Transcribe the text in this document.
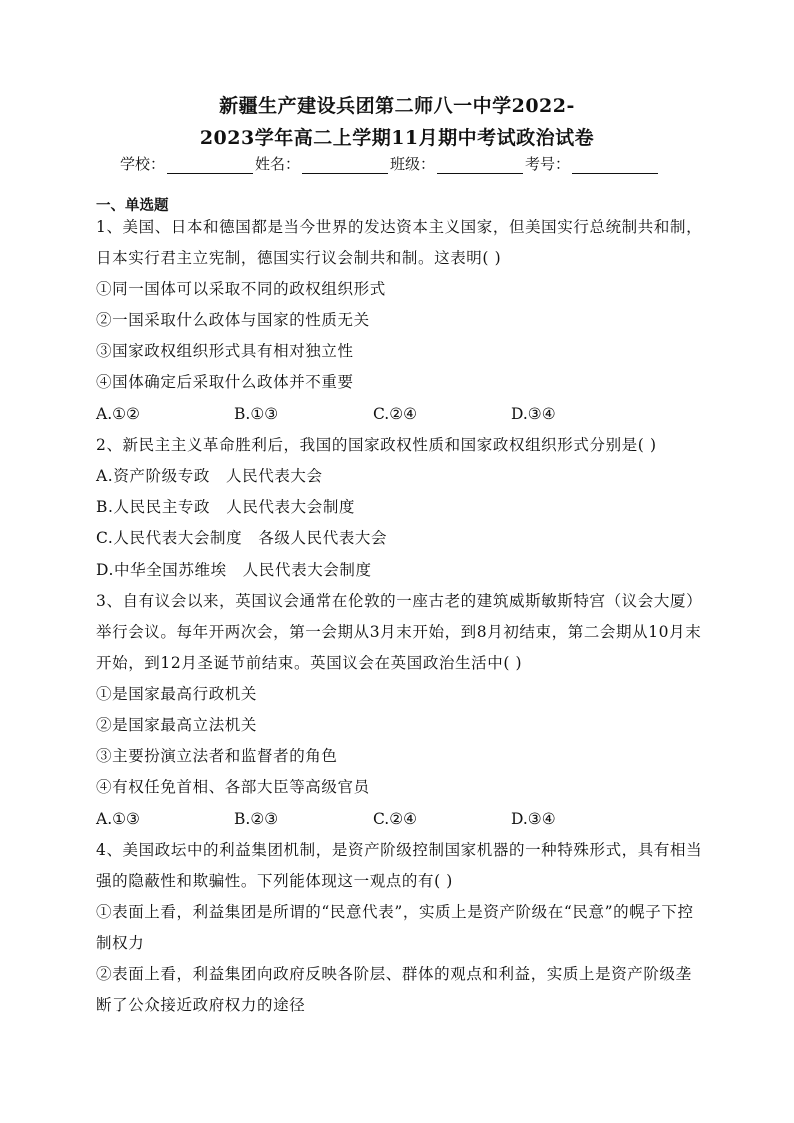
新疆生产建设兵团第二师八一中学2022-
2023学年高二上学期11月期中考试政治试卷
学校：	姓名：	班级：	考号：
一、单选题
1、美国、日本和德国都是当今世界的发达资本主义国家，但美国实行总统制共和制，
日本实行君主立宪制，德国实行议会制共和制。这表明( )
①同一国体可以采取不同的政权组织形式
②一国采取什么政体与国家的性质无关
③国家政权组织形式具有相对独立性
④国体确定后采取什么政体并不重要
A.①②	B.①③	C.②④	D.③④
2、新民主主义革命胜利后，我国的国家政权性质和国家政权组织形式分别是( )
A.资产阶级专政　人民代表大会
B.人民民主专政　人民代表大会制度
C.人民代表大会制度　各级人民代表大会
D.中华全国苏维埃　人民代表大会制度
3、自有议会以来，英国议会通常在伦敦的一座古老的建筑威斯敏斯特宫（议会大厦）
举行会议。每年开两次会，第一会期从3月末开始，到8月初结束，第二会期从10月末
开始，到12月圣诞节前结束。英国议会在英国政治生活中( )
①是国家最高行政机关
②是国家最高立法机关
③主要扮演立法者和监督者的角色
④有权任免首相、各部大臣等高级官员
A.①③	B.②③	C.②④	D.③④
4、美国政坛中的利益集团机制，是资产阶级控制国家机器的一种特殊形式，具有相当
强的隐蔽性和欺骗性。下列能体现这一观点的有( )
①表面上看，利益集团是所谓的“民意代表”，实质上是资产阶级在“民意”的幌子下控
制权力
②表面上看，利益集团向政府反映各阶层、群体的观点和利益，实质上是资产阶级垄
断了公众接近政府权力的途径
